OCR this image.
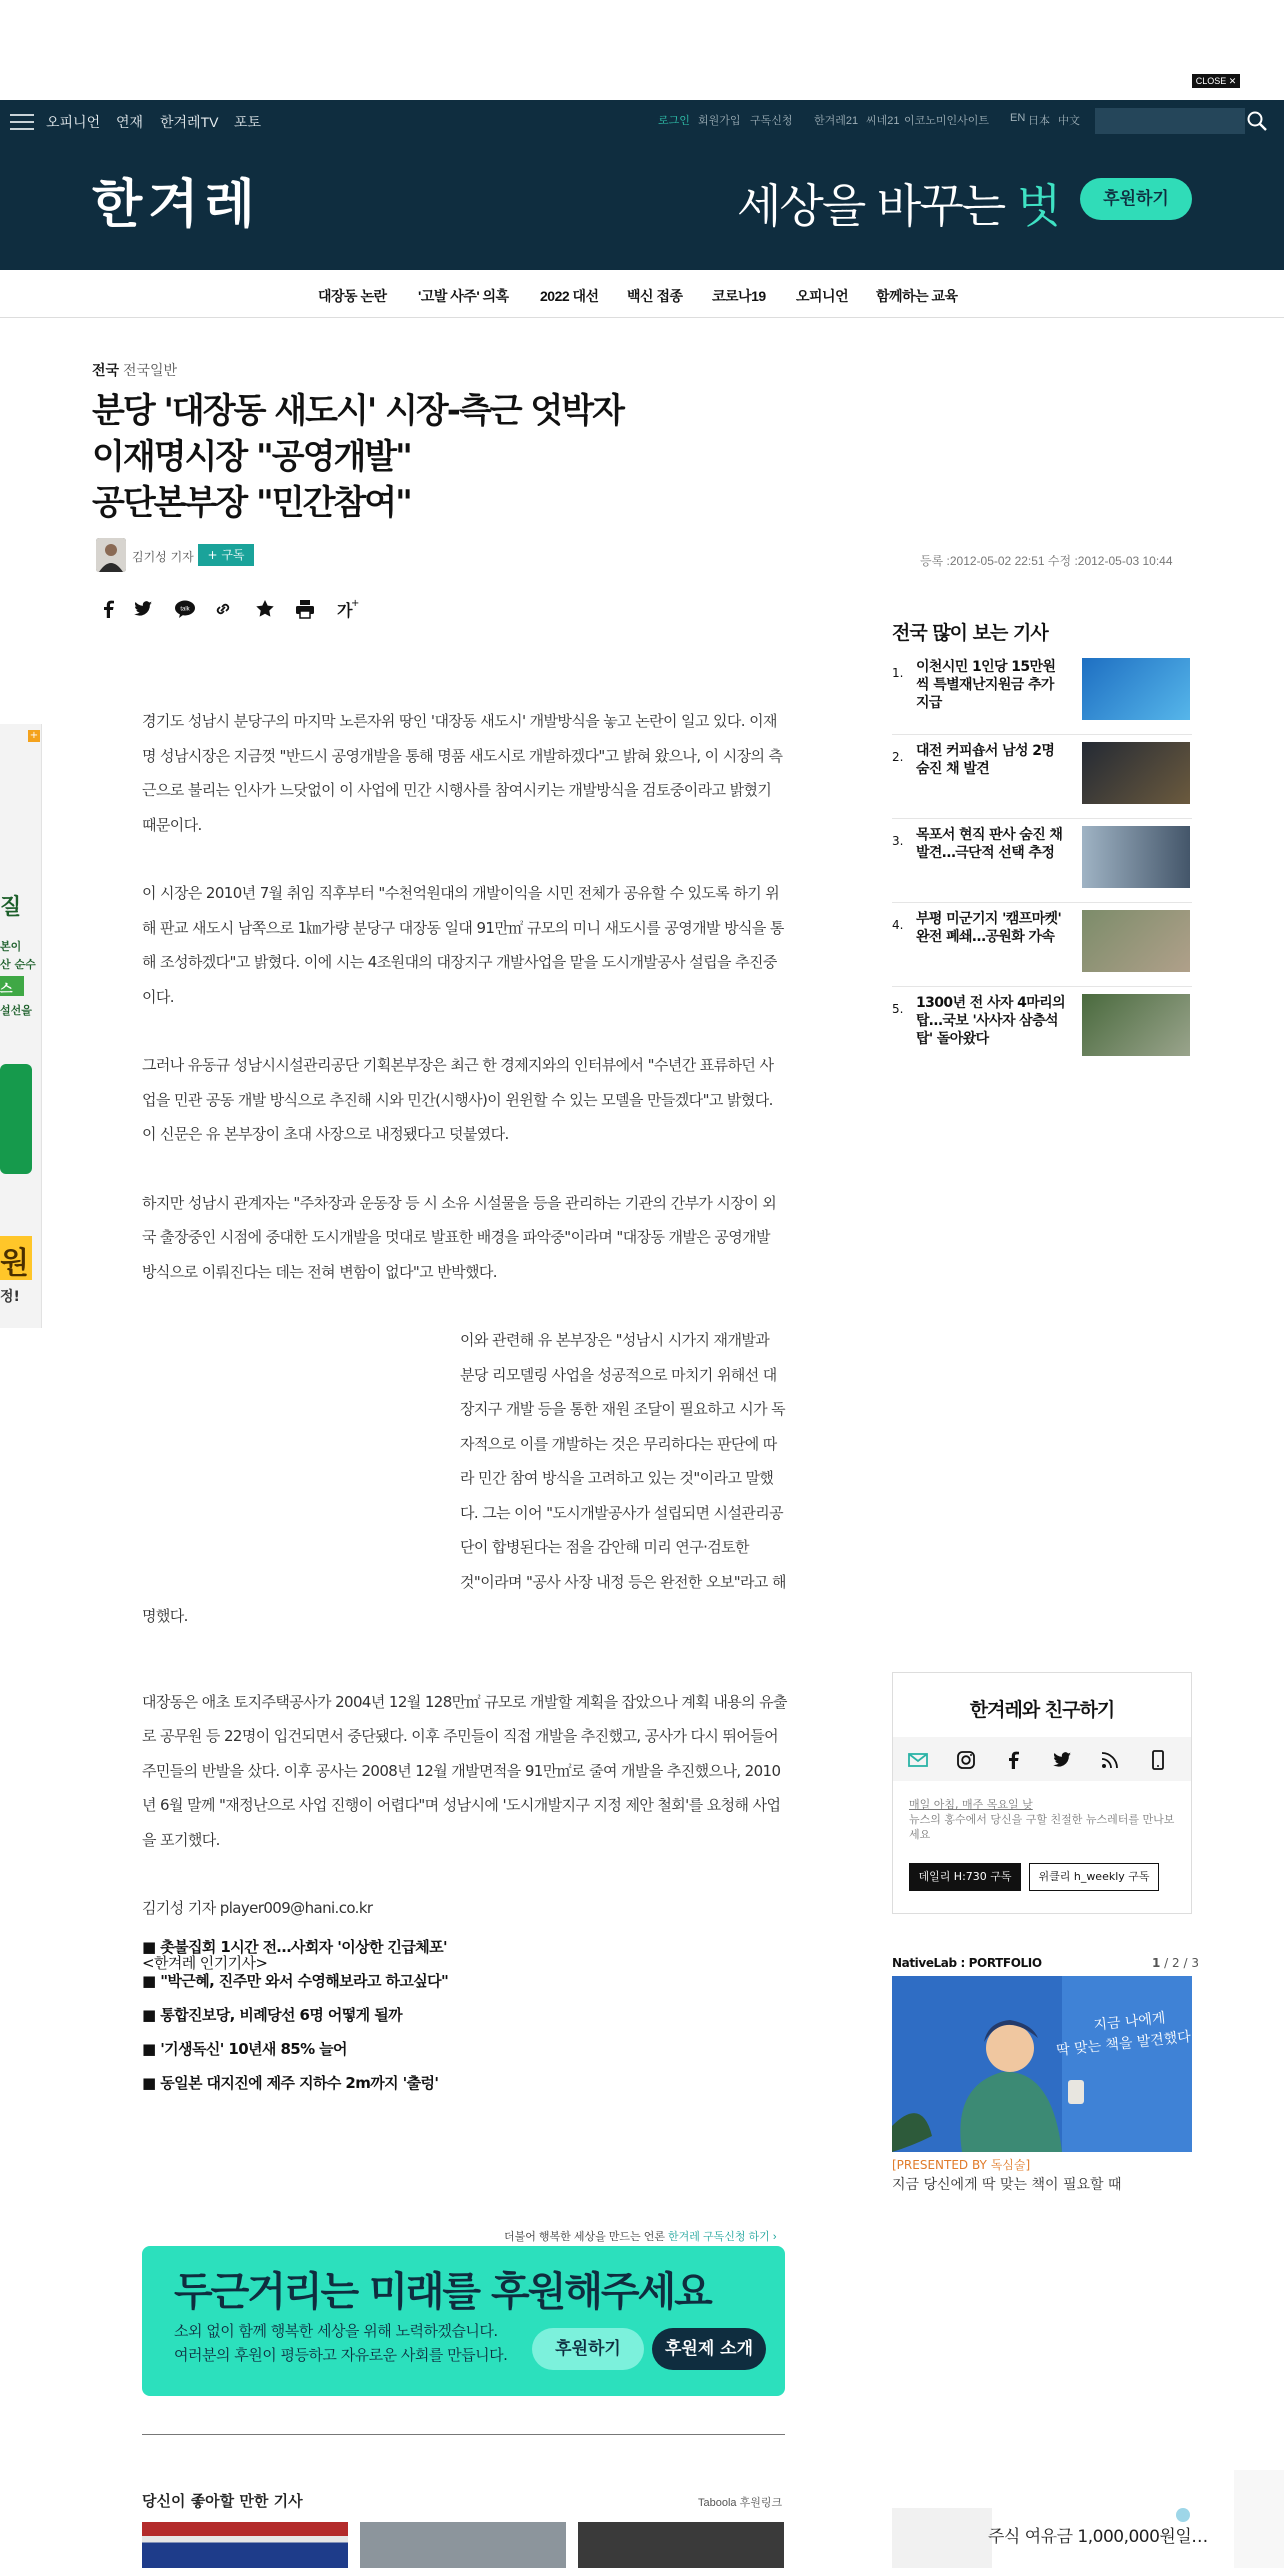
CLOSE ✕
오피니언 연재 한겨레TV 포토	로그인 회원가입 구독신청 한겨레21 씨네21 이코노미인사이트 EN 日本 中文
한겨레	세상을 바꾸는 벗	후원하기
대장동 논란 '고발 사주' 의혹 2022 대선 백신 접종 코로나19 오피니언 함께하는 교육
전국 전국일반
분당 '대장동 새도시' 시장-측근 엇박자
이재명시장 "공영개발"
공단본부장 "민간참여"
김기성 기자	+ 구독	등록 :2012-05-02 22:51 수정 :2012-05-03 10:44
talk	가
+
+
질
본이
산 순수
스
설선을
원
정!

경기도 성남시 분당구의 마지막 노른자위 땅인 '대장동 새도시' 개발방식을 놓고 논란이 일고 있다. 이재명 성남시장은 지금껏 "반드시 공영개발을 통해 명품 새도시로 개발하겠다"고 밝혀 왔으나, 이 시장의 측근으로 불리는 인사가 느닷없이 이 사업에 민간 시행사를 참여시키는 개발방식을 검토중이라고 밝혔기 때문이다.

이 시장은 2010년 7월 취임 직후부터 "수천억원대의 개발이익을 시민 전체가 공유할 수 있도록 하기 위해 판교 새도시 남쪽으로 1㎞가량 분당구 대장동 일대 91만㎡ 규모의 미니 새도시를 공영개발 방식을 통해 조성하겠다"고 밝혔다. 이에 시는 4조원대의 대장지구 개발사업을 맡을 도시개발공사 설립을 추진중이다.

그러나 유동규 성남시시설관리공단 기획본부장은 최근 한 경제지와의 인터뷰에서 "수년간 표류하던 사업을 민관 공동 개발 방식으로 추진해 시와 민간(시행사)이 윈윈할 수 있는 모델을 만들겠다"고 밝혔다. 이 신문은 유 본부장이 초대 사장으로 내정됐다고 덧붙였다.

하지만 성남시 관계자는 "주차장과 운동장 등 시 소유 시설물을 등을 관리하는 기관의 간부가 시장이 외국 출장중인 시점에 중대한 도시개발을 멋대로 발표한 배경을 파악중"이라며 "대장동 개발은 공영개발 방식으로 이뤄진다는 데는 전혀 변함이 없다"고 반박했다.

이와 관련해 유 본부장은 "성남시 시가지 재개발과 분당 리모델링 사업을 성공적으로 마치기 위해선 대장지구 개발 등을 통한 재원 조달이 필요하고 시가 독자적으로 이를 개발하는 것은 무리하다는 판단에 따라 민간 참여 방식을 고려하고 있는 것"이라고 말했다. 그는 이어 "도시개발공사가 설립되면 시설관리공단이 합병된다는 점을 감안해 미리 연구·검토한 것"이라며 "공사 사장 내정 등은 완전한 오보"라고 해명했다.

대장동은 애초 토지주택공사가 2004년 12월 128만㎡ 규모로 개발할 계획을 잡았으나 계획 내용의 유출로 공무원 등 22명이 입건되면서 중단됐다. 이후 주민들이 직접 개발을 추진했고, 공사가 다시 뛰어들어 주민들의 반발을 샀다. 이후 공사는 2008년 12월 개발면적을 91만㎡로 줄여 개발을 추진했으나, 2010년 6월 말께 "재정난으로 사업 진행이 어렵다"며 성남시에 '도시개발지구 지정 제안 철회'를 요청해 사업을 포기했다.

김기성 기자 player009@hani.co.kr

<한겨레 인기기사>

■ 촛불집회 1시간 전…사회자 '이상한 긴급체포'
■ "박근혜, 진주만 와서 수영해보라고 하고싶다"
■ 통합진보당, 비례당선 6명 어떻게 될까
■ '기생독신' 10년새 85% 늘어
■ 동일본 대지진에 제주 지하수 2m까지 '출렁'
더불어 행복한 세상을 만드는 언론 한겨레 구독신청 하기 ›
두근거리는 미래를 후원해주세요
소외 없이 함께 행복한 세상을 위해 노력하겠습니다.
여러분의 후원이 평등하고 자유로운 사회를 만듭니다.	후원하기	후원제 소개
당신이 좋아할 만한 기사	Taboola 후원링크
전국 많이 보는 기사
1. 이천시민 1인당 15만원씩 특별재난지원금 추가 지급
2. 대전 커피숍서 남성 2명 숨진 채 발견
3. 목포서 현직 판사 숨진 채 발견…극단적 선택 추정
4. 부평 미군기지 '캠프마켓' 완전 폐쇄…공원화 가속
5. 1300년 전 사자 4마리의 탑…국보 '사사자 삼층석탑' 돌아왔다
한겨레와 친구하기
매일 아침, 매주 목요일 낮
뉴스의 홍수에서 당신을 구할 친절한 뉴스레터를 만나보세요
데일리 H:730 구독	위클리 h_weekly 구독
NativeLab : PORTFOLIO	1 / 2 / 3
지금 나에게
딱 맞는 책을 발견했다
[PRESENTED BY 독심술]
지금 당신에게 딱 맞는 책이 필요할 때
주식 여유금 1,000,000원일…
